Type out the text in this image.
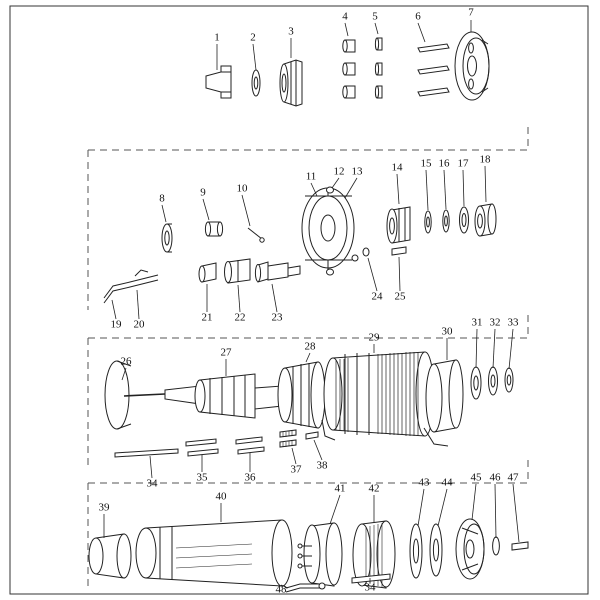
1	2	3
4 5	6	7
8	9	10
11 12 13	14 15 16 17 18
19 20
21 22 23
24 25
26
27	28
29	30
31 32 33
34	35	36
37 38
39
40
41 42	43 44 45 46 47
48	34
